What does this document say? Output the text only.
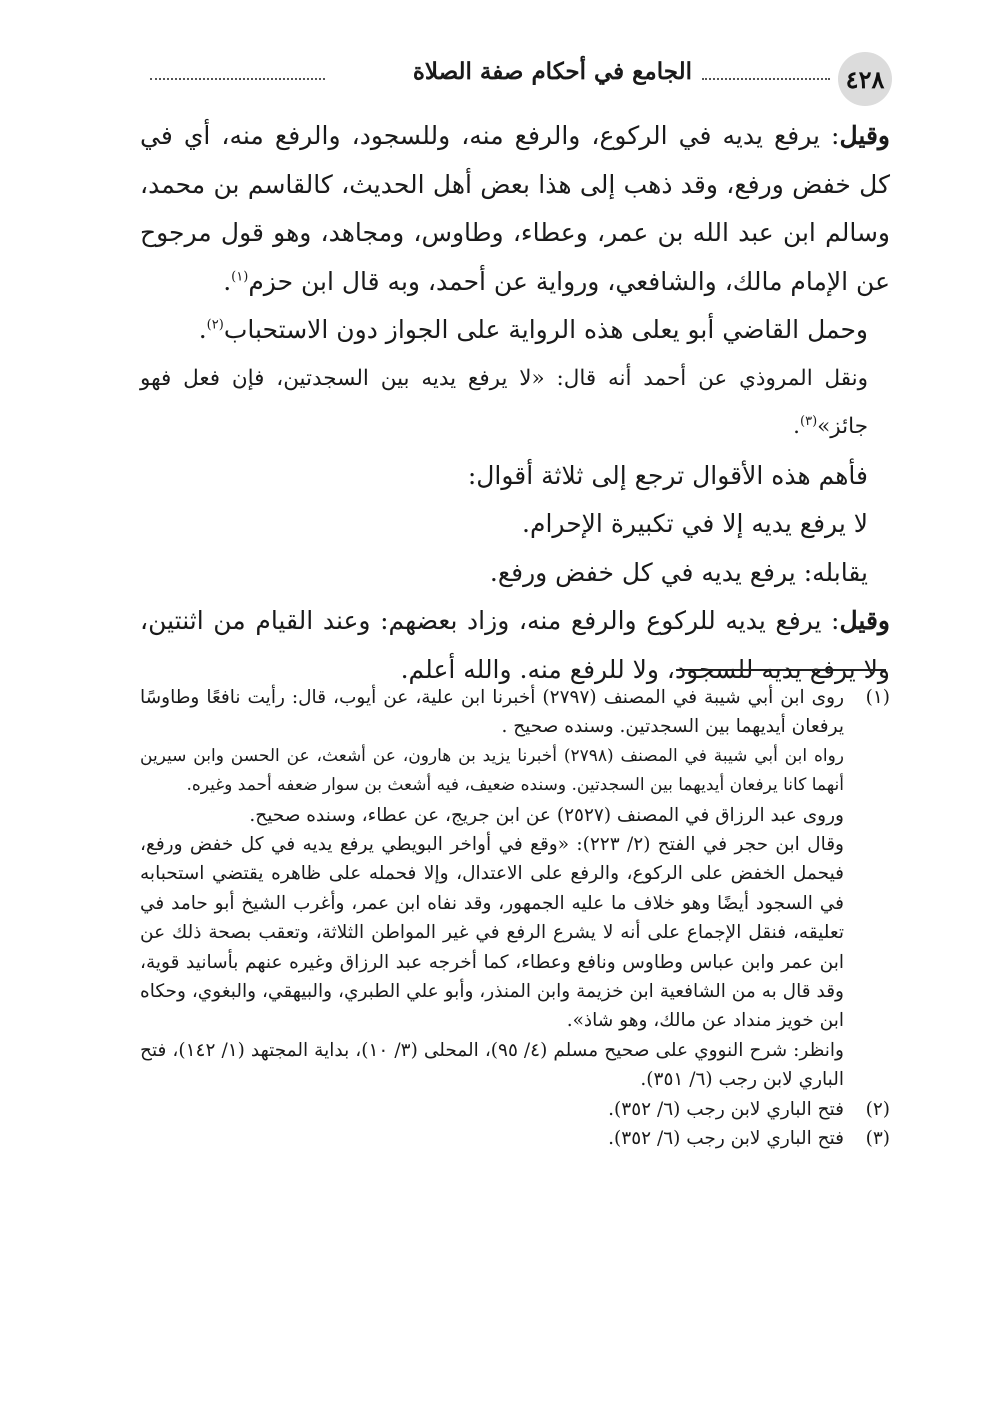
٤٢٨
الجامع في أحكام صفة الصلاة

وقيل: يرفع يديه في الركوع، والرفع منه، وللسجود، والرفع منه، أي في كل خفض ورفع، وقد ذهب إلى هذا بعض أهل الحديث، كالقاسم بن محمد، وسالم ابن عبد الله بن عمر، وعطاء، وطاوس، ومجاهد، وهو قول مرجوح عن الإمام مالك، والشافعي، ورواية عن أحمد، وبه قال ابن حزم$^{(١)}$.

وحمل القاضي أبو يعلى هذه الرواية على الجواز دون الاستحباب$^{(٢)}$.

ونقل المروذي عن أحمد أنه قال: «لا يرفع يديه بين السجدتين، فإن فعل فهو جائز»$^{(٣)}$.

فأهم هذه الأقوال ترجع إلى ثلاثة أقوال:

لا يرفع يديه إلا في تكبيرة الإحرام.

يقابله: يرفع يديه في كل خفض ورفع.

وقيل: يرفع يديه للركوع والرفع منه، وزاد بعضهم: وعند القيام من اثنتين، ولا يرفع يديه للسجود، ولا للرفع منه. والله أعلم.

(١)
روى ابن أبي شيبة في المصنف (٢٧٩٧) أخبرنا ابن علية، عن أيوب، قال: رأيت نافعًا وطاوسًا يرفعان أيديهما بين السجدتين. وسنده صحيح .

رواه ابن أبي شيبة في المصنف (٢٧٩٨) أخبرنا يزيد بن هارون، عن أشعث، عن الحسن وابن سيرين أنهما كانا يرفعان أيديهما بين السجدتين. وسنده ضعيف، فيه أشعث بن سوار ضعفه أحمد وغيره.

وروى عبد الرزاق في المصنف (٢٥٢٧) عن ابن جريج، عن عطاء، وسنده صحيح.

وقال ابن حجر في الفتح (٢/ ٢٢٣): «وقع في أواخر البويطي يرفع يديه في كل خفض ورفع، فيحمل الخفض على الركوع، والرفع على الاعتدال، وإلا فحمله على ظاهره يقتضي استحبابه في السجود أيضًا وهو خلاف ما عليه الجمهور، وقد نفاه ابن عمر، وأغرب الشيخ أبو حامد في تعليقه، فنقل الإجماع على أنه لا يشرع الرفع في غير المواطن الثلاثة، وتعقب بصحة ذلك عن ابن عمر وابن عباس وطاوس ونافع وعطاء، كما أخرجه عبد الرزاق وغيره عنهم بأسانيد قوية، وقد قال به من الشافعية ابن خزيمة وابن المنذر، وأبو علي الطبري، والبيهقي، والبغوي، وحكاه ابن خويز منداد عن مالك، وهو شاذ».

وانظر: شرح النووي على صحيح مسلم (٤/ ٩٥)، المحلى (٣/ ١٠)، بداية المجتهد (١/ ١٤٢)، فتح الباري لابن رجب (٦/ ٣٥١).

(٢)
فتح الباري لابن رجب (٦/ ٣٥٢).

(٣)
فتح الباري لابن رجب (٦/ ٣٥٢).
